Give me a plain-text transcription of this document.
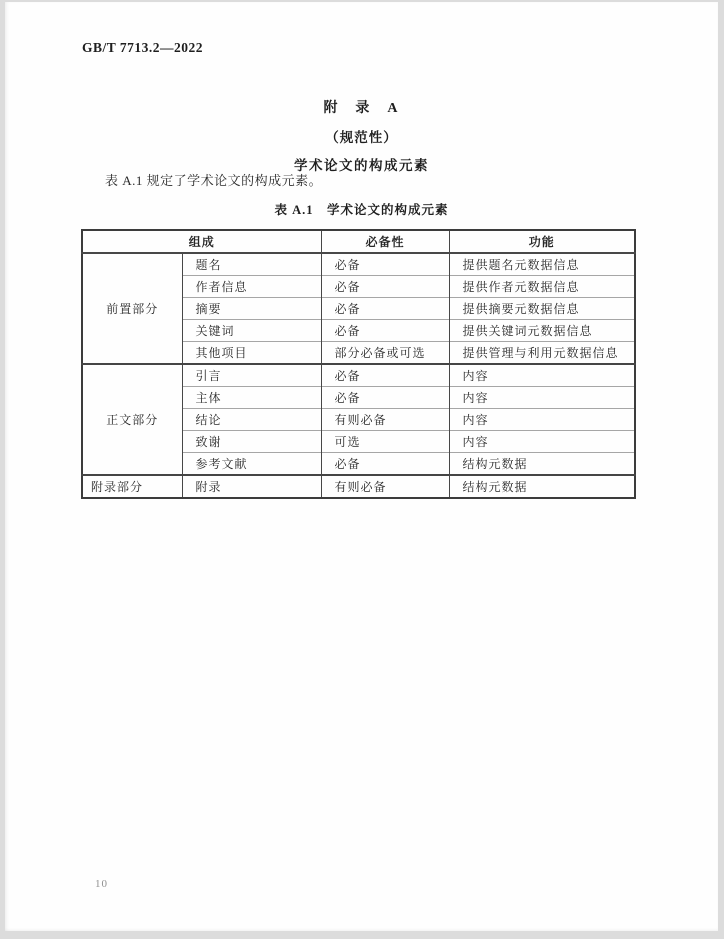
GB/T 7713.2—2022
附　录　A
（规范性）
学术论文的构成元素
表 A.1 规定了学术论文的构成元素。
表 A.1　学术论文的构成元素
组成		必备性	功能
前置部分	题名	必备	提供题名元数据信息
	作者信息	必备	提供作者元数据信息
	摘要	必备	提供摘要元数据信息
	关键词	必备	提供关键词元数据信息
	其他项目	部分必备或可选	提供管理与利用元数据信息
正文部分	引言	必备	内容
	主体	必备	内容
	结论	有则必备	内容
	致谢	可选	内容
	参考文献	必备	结构元数据
附录部分	附录	有则必备	结构元数据
10
